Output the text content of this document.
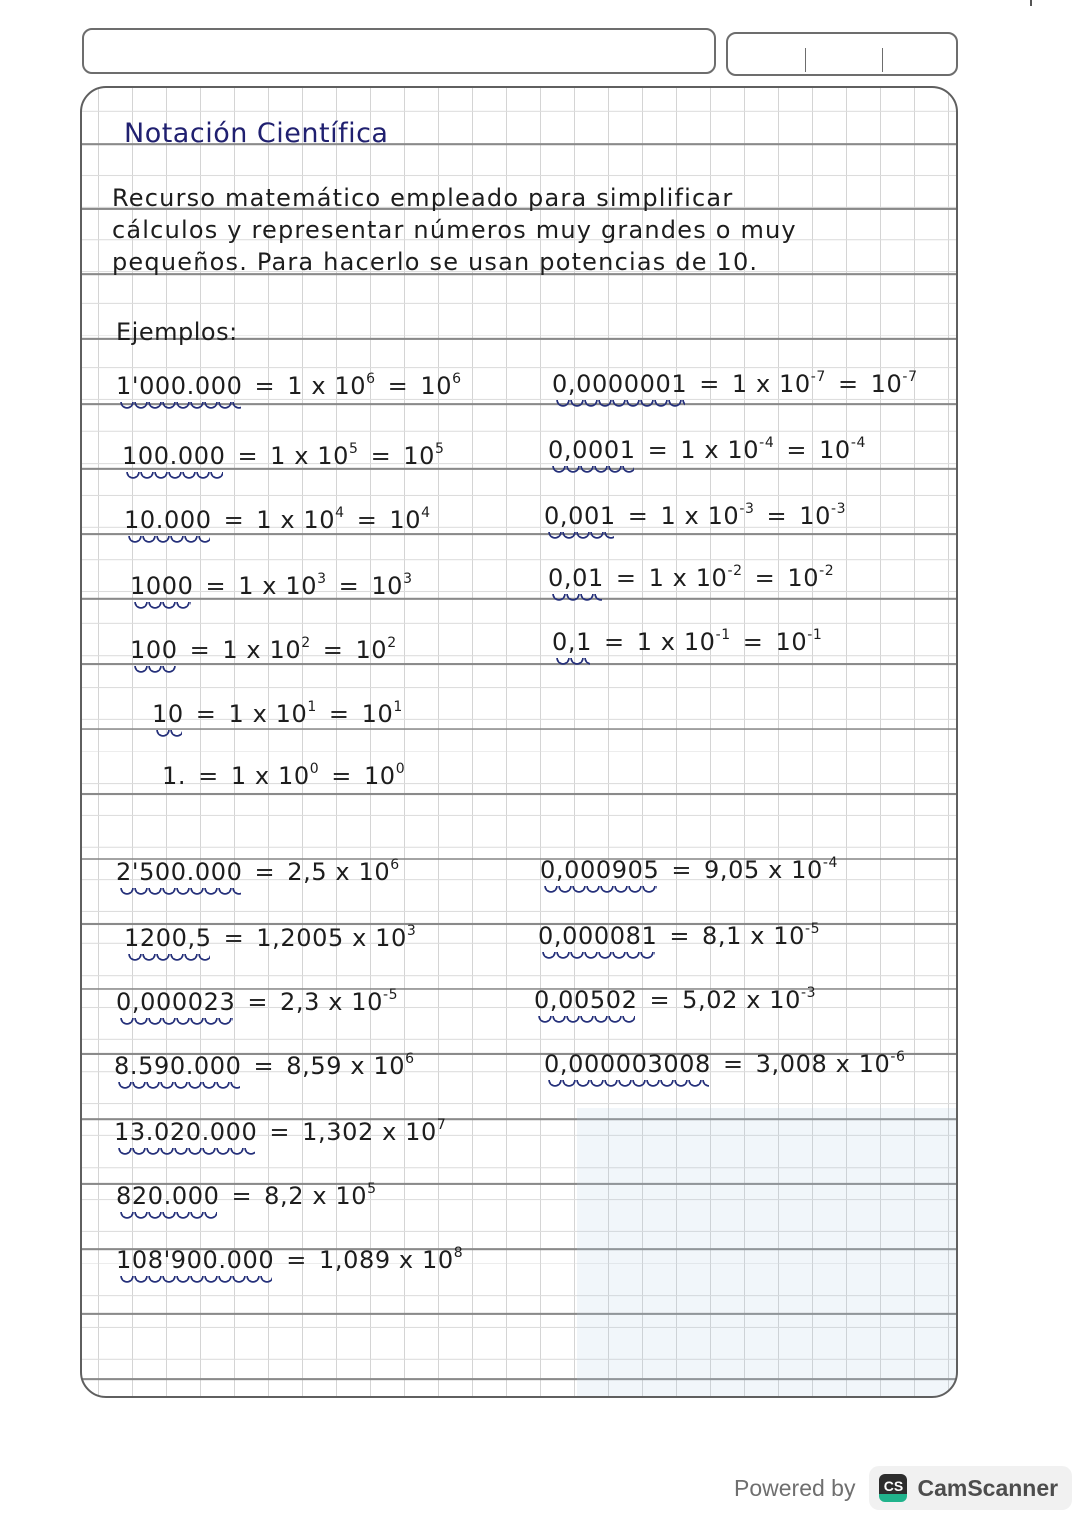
Notación Científica
Recurso matemático empleado para simplificar
cálculos y representar números muy grandes o muy
pequeños. Para hacerlo se usan potencias de 10.
Ejemplos:
1'000.000 = 1 x $10^6 = 10^6$
100.000 = 1 x $10^5 = 10^5$
10.000 = 1 x $10^4 = 10^4$
1000 = 1 x $10^3 = 10^3$
100 = 1 x $10^2 = 10^2$
10 = 1 x $10^1 = 10^1$
1. = 1 x $10^0 = 10^0$
0,0000001 = 1 x $10^{-7} = 10^{-7}$
0,0001 = 1 x $10^{-4} = 10^{-4}$
0,001 = 1 x $10^{-3} = 10^{-3}$
0,01 = 1 x $10^{-2} = 10^{-2}$
0,1 = 1 x $10^{-1} = 10^{-1}$
2'500.000 = 2,5 x $10^6$
1200,5 = 1,2005 x $10^3$
0,000023 = 2,3 x $10^{-5}$
8.590.000 = 8,59 x $10^6$
13.020.000 = 1,302 x $10^7$
820.000 = 8,2 x $10^5$
108'900.000 = 1,089 x $10^8$
0,000905 = 9,05 x $10^{-4}$
0,000081 = 8,1 x $10^{-5}$
0,00502 = 5,02 x $10^{-3}$
0,000003008 = 3,008 x $10^{-6}$
Powered by	CS CamScanner
